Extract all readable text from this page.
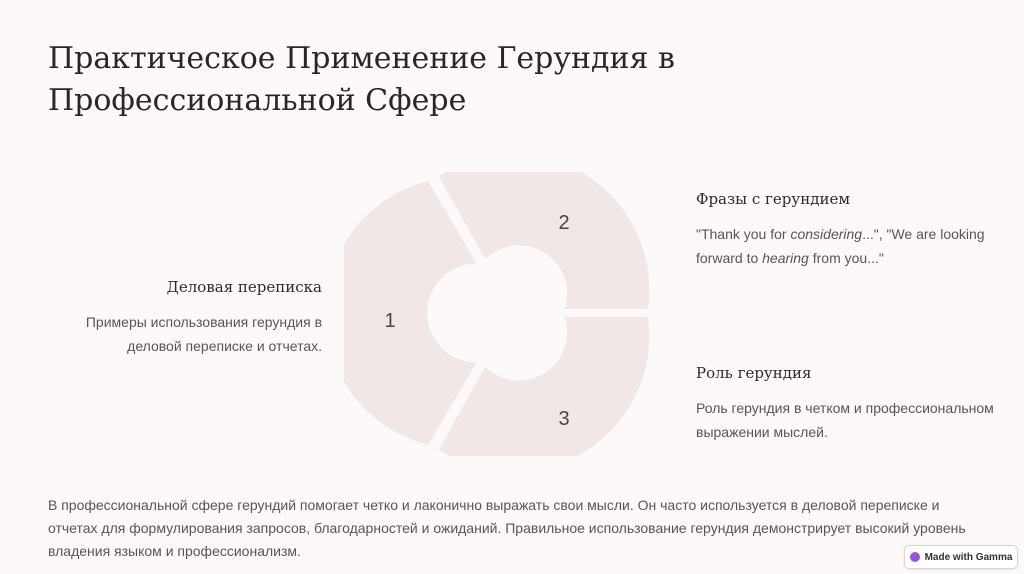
Практическое Применение Герундия в Профессиональной Сфере
1
2
3
Деловая переписка

Примеры использования герундия в деловой переписке и отчетах.

Фразы с герундием

"Thank you for considering...", "We are looking forward to hearing from you..."

Роль герундия

Роль герундия в четком и профессиональном выражении мыслей.

В профессиональной сфере герундий помогает четко и лаконично выражать свои мысли. Он часто используется в деловой переписке и отчетах для формулирования запросов, благодарностей и ожиданий. Правильное использование герундия демонстрирует высокий уровень владения языком и профессионализм.	Made with Gamma
